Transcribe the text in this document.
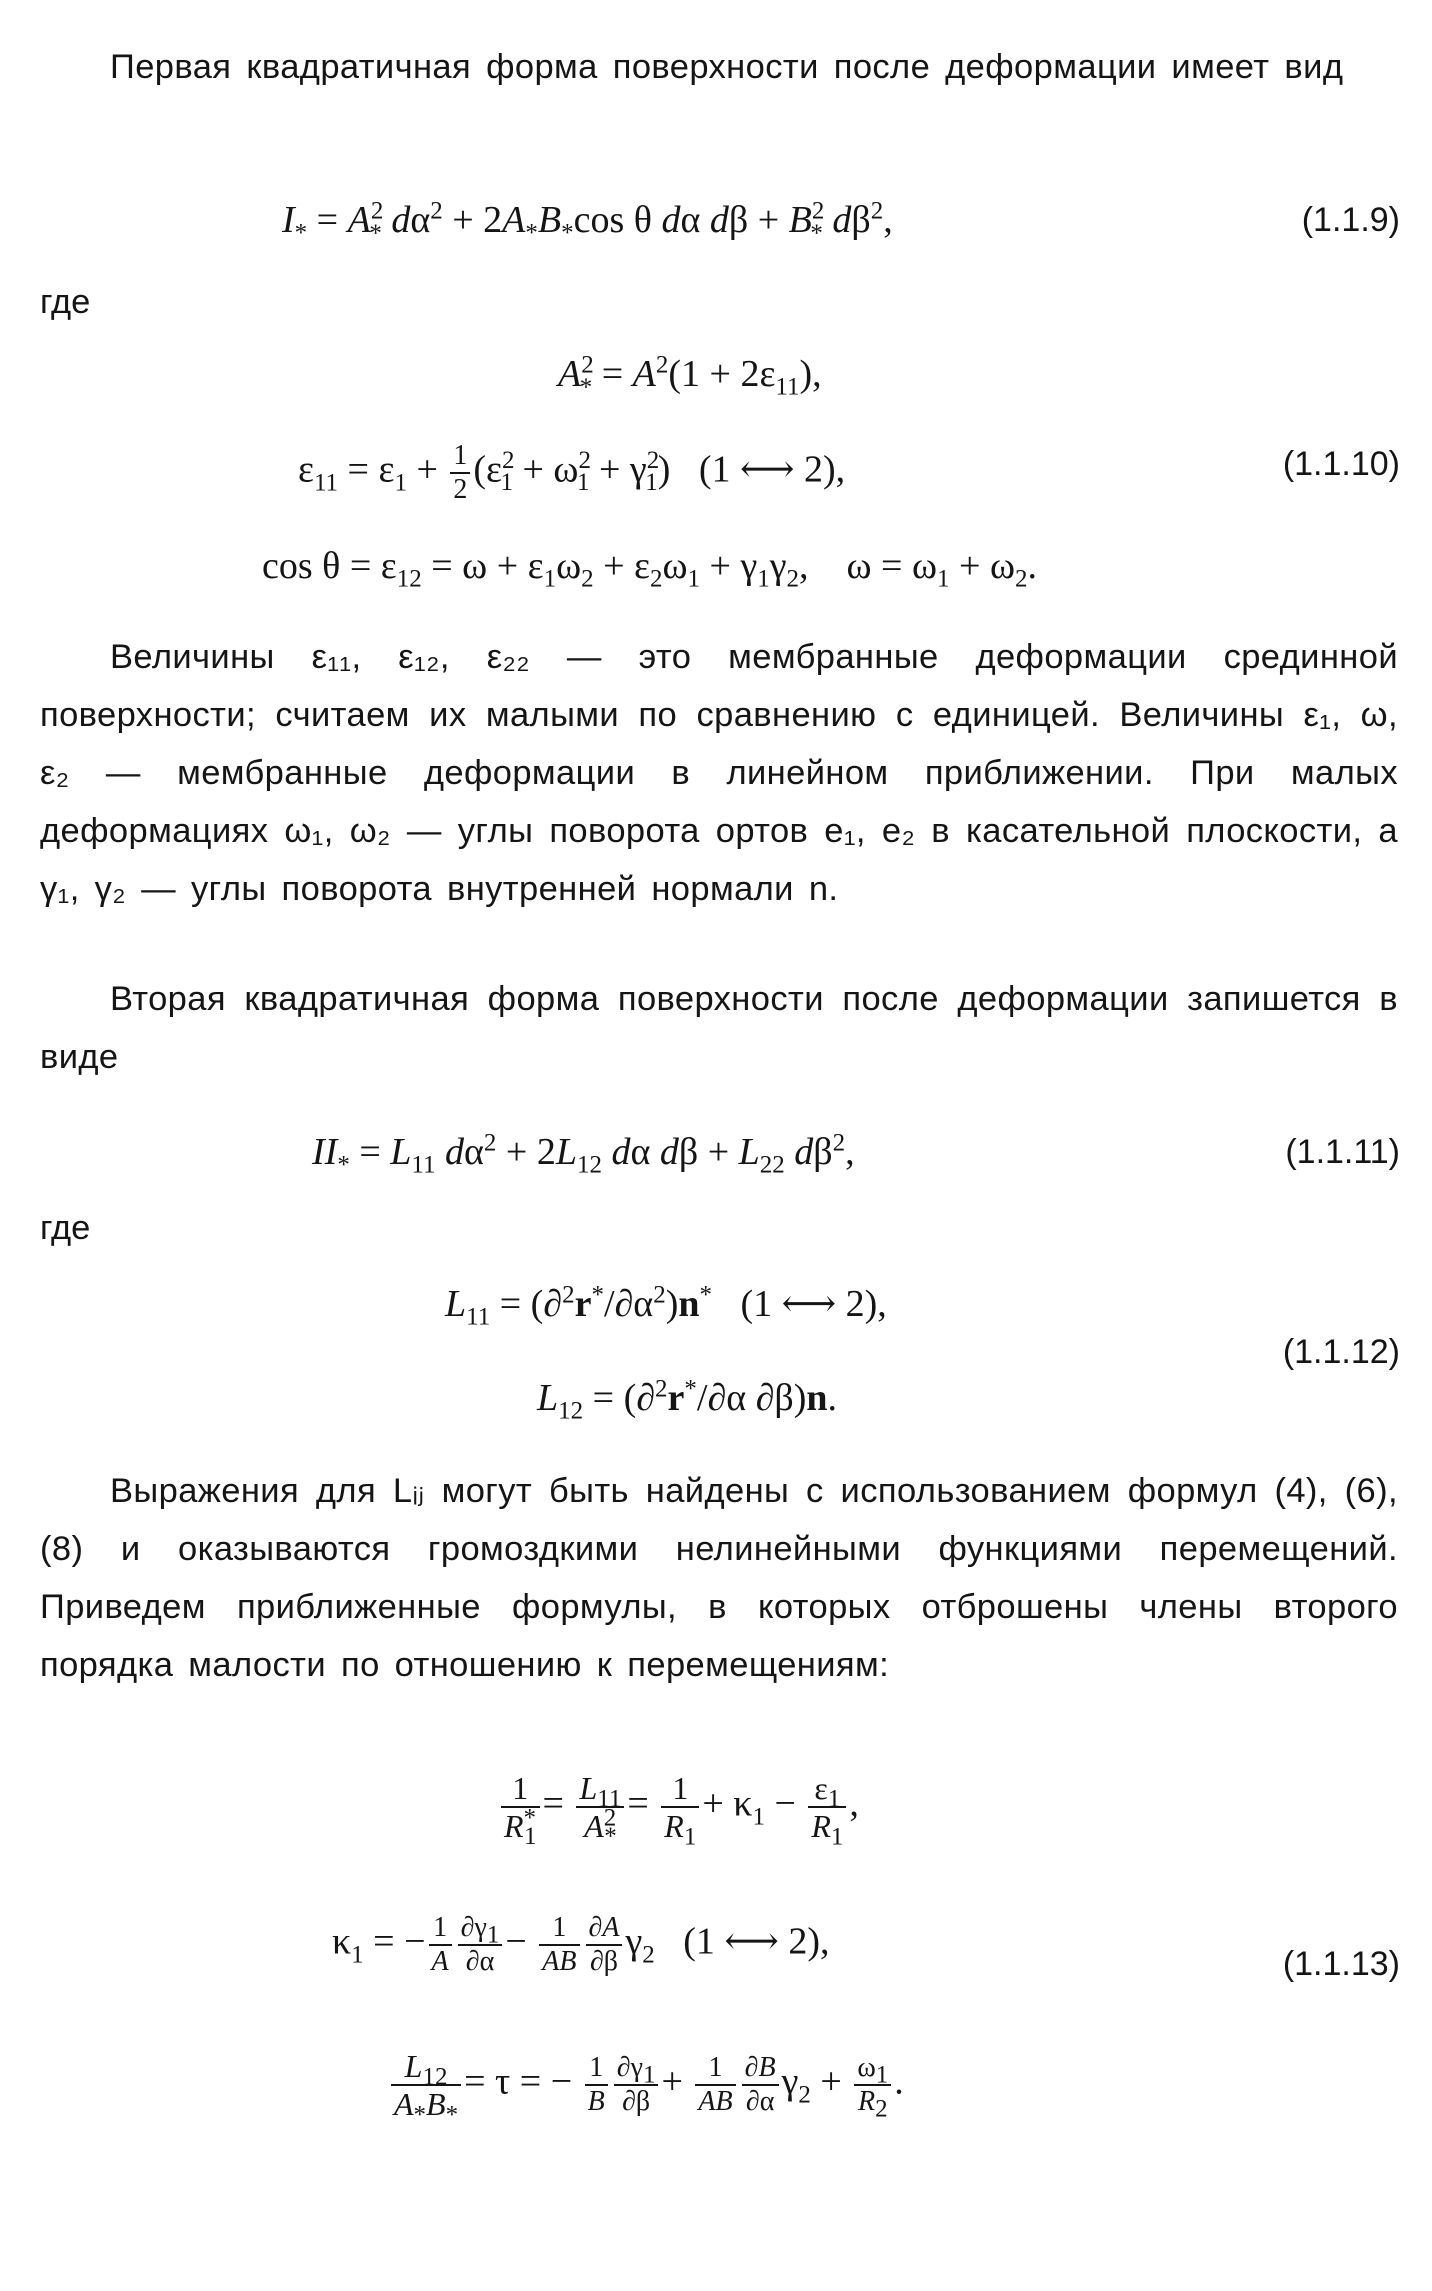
Первая квадратичная форма поверхности после деформации имеет вид

$I_* = A^2_*$ $d\alpha^2 + 2A_*B_*\cos$ θ dα $d\beta + B^2_*$ $d\beta^2$,	(1.1.9)

где

$A^2_* = A^2(1 + 2\varepsilon_{11})$,
$\varepsilon_{11} = \varepsilon_1 + \frac{1}{2} (\varepsilon^2_1 + \omega^2_1 + \gamma^2_1)$   (1 ⟷ 2),	(1.1.10)
$\cos \theta = \varepsilon_{12} = \omega + \varepsilon_1\omega_2 + \varepsilon_2\omega_1 + \gamma_1\gamma_2$,    $\omega = \omega_1 + \omega_2$.

Величины ε₁₁, ε₁₂, ε₂₂ — это мембранные деформации срединной поверхности; считаем их малыми по сравнению с единицей. Величины ε₁, ω, ε₂ — мембранные деформации в линейном приближении. При малых деформациях ω₁, ω₂ — углы поворота ортов e₁, e₂ в касательной плоскости, а γ₁, γ₂ — углы поворота внутренней нормали n.

Вторая квадратичная форма поверхности после деформации запишется в виде

$II_* = L_{11}$ $d\alpha^2 + 2L_{12}$ dα $d\beta + L_{22}$ $d\beta^2$,	(1.1.11)

где

$L_{11} = (\partial^2r^*/\partial\alpha^2)n^*$   (1 ⟷ 2),
$L_{12} = (\partial^2r^*/\partial\alpha$ ∂β)n.
(1.1.12)

Выражения для Lᵢⱼ могут быть найдены с использованием формул (4), (6), (8) и оказываются громоздкими нелинейными функциями перемещений. Приведем приближенные формулы, в которых отброшены члены второго порядка малости по отношению к перемещениям:

$\frac{1}{R^*_1} = \frac{L_{11}}{A^2_*} = \frac{1}{R_1} + \kappa_1 - \frac{\varepsilon_1}{R_1}$ ,
$\kappa_1$ = − $\frac{1}{A} \frac{\partial\gamma_1}{\partial\alpha} - \frac{1}{AB} \frac{\partial A}{\partial\beta} \gamma_2$   (1 ⟷ 2),
(1.1.13)
$\frac{L_{12}}{A_*B_*} = \tau$ = − $\frac{1}{B} \frac{\partial\gamma_1}{\partial\beta} + \frac{1}{AB} \frac{\partial B}{\partial\alpha} \gamma_2 + \frac{\omega_1}{R_2}$ .
